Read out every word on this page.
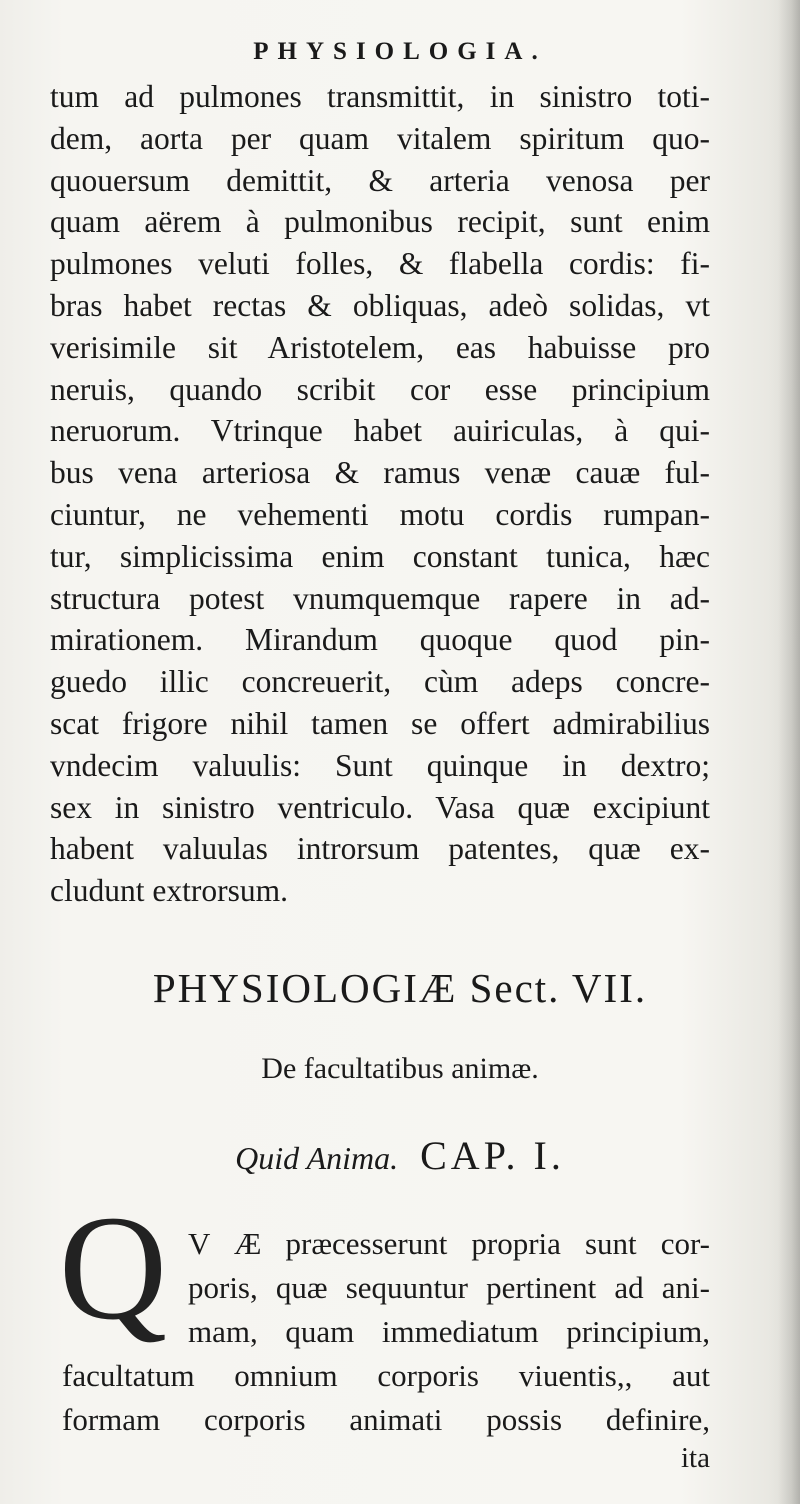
PHYSIOLOGIA.
tum ad pulmones transmittit, in sinistro toti-
dem, aorta per quam vitalem spiritum quo-
quouersum demittit, & arteria venosa per
quam aërem à pulmonibus recipit, sunt enim
pulmones veluti folles, & flabella cordis: fi-
bras habet rectas & obliquas, adeò solidas, vt
verisimile sit Aristotelem, eas habuisse pro
neruis, quando scribit cor esse principium
neruorum. Vtrinque habet auiriculas, à qui-
bus vena arteriosa & ramus venæ cauæ ful-
ciuntur, ne vehementi motu cordis rumpan-
tur, simplicissima enim constant tunica, hæc
structura potest vnumquemque rapere in ad-
mirationem. Mirandum quoque quod pin-
guedo illic concreuerit, cùm adeps concre-
scat frigore nihil tamen se offert admirabilius
vndecim valuulis: Sunt quinque in dextro;
sex in sinistro ventriculo. Vasa quæ excipiunt
habent valuulas introrsum patentes, quæ ex-
cludunt extrorsum.
PHYSIOLOGIÆ Sect. VII.
De facultatibus animæ.
Quid Anima. CAP. I.
Q V Æ præcesserunt propria sunt cor-
poris, quæ sequuntur pertinent ad ani-
mam, quam immediatum principium,
facultatum omnium corporis viuentis,, aut
formam corporis animati possis definire,
ita
